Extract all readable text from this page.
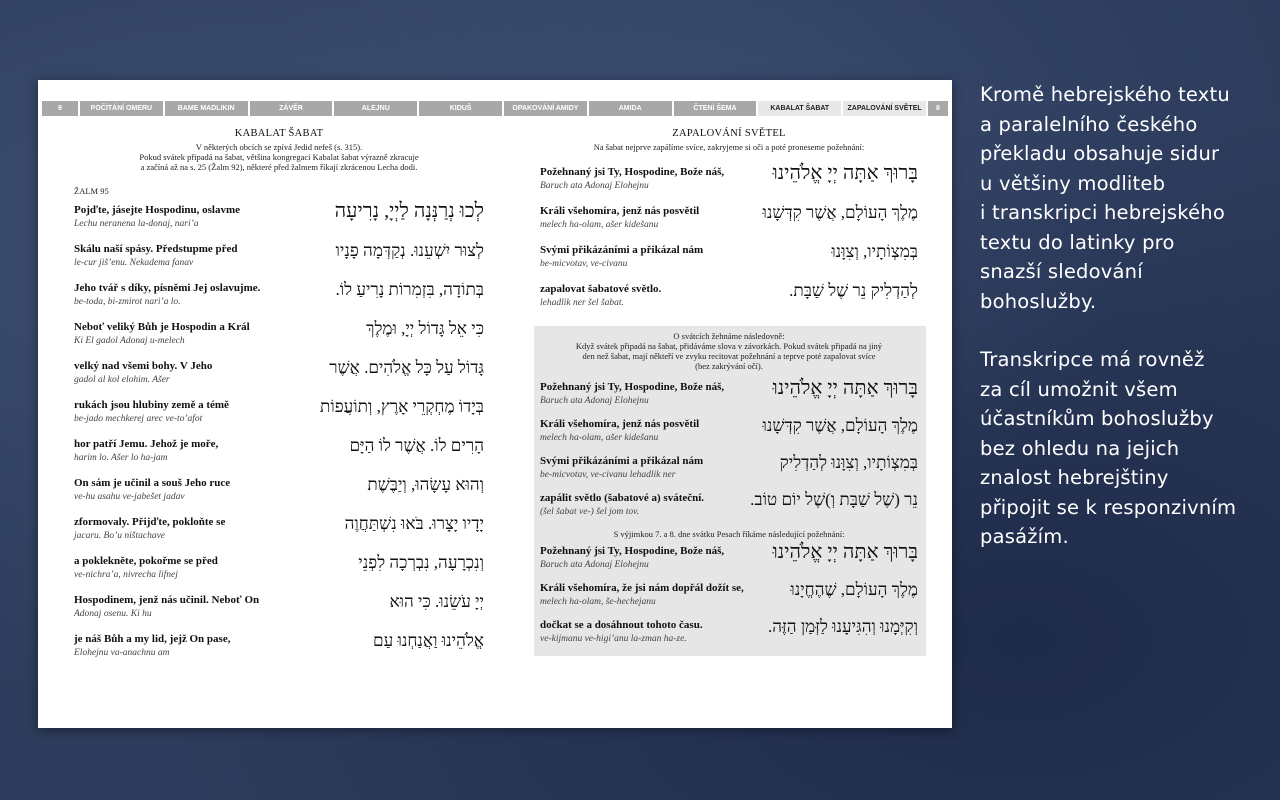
9	POČÍTÁNÍ OMERU	BAME MADLIKIN	ZÁVĚR	ALEJNU	KIDUŠ	OPAKOVÁNÍ AMIDY	AMIDA	ČTENÍ ŠEMA	KABALAT ŠABAT	ZAPALOVÁNÍ SVĚTEL	8
KABALAT ŠABAT
V některých obcích se zpívá Jedid nefeš (s. 315).
Pokud svátek připadá na šabat, většina kongregací Kabalat šabat výrazně zkracuje
a začíná až na s. 25 (Žalm 92), některé před žalmem říkají zkrácenou Lecha dodi.
ŽALM 95
Pojďte, jásejte Hospodinu, oslavme
Lechu neranena la-donaj, nari’a
לְכוּ נְרַנְּנָה לַיְיָ, נָרִיעָה
Skálu naší spásy. Předstupme před
le-cur jiš’enu. Nekadema fanav
לְצוּר יִשְׁעֵנוּ. נְקַדְּמָה פָנָיו
Jeho tvář s díky, písněmi Jej oslavujme.
be-toda, bi-zmirot nari’a lo.
בְּתוֹדָה, בִּזְמִרוֹת נָרִיעַ לוֹ.
Neboť veliký Bůh je Hospodin a Král
Ki El gadol Adonaj u-melech
כִּי אֵל גָּדוֹל יְיָ, וּמֶלֶךְ
velký nad všemi bohy. V Jeho
gadol al kol elohim. Ašer
גָּדוֹל עַל כָּל אֱלֹהִים. אֲשֶׁר
rukách jsou hlubiny země a témě
be-jado mechkerej arec ve-to’afot
בְּיָדוֹ מֶחְקְרֵי אָרֶץ, וְתוֹעֲפוֹת
hor patří Jemu. Jehož je moře,
harim lo. Ašer lo ha-jam
הָרִים לוֹ. אֲשֶׁר לוֹ הַיָּם
On sám je učinil a souš Jeho ruce
ve-hu asahu ve-jabešet jadav
וְהוּא עָשָׂהוּ, וְיַבֶּשֶׁת
zformovaly. Přijďte, pokloňte se
jacaru. Bo’u ništachave
יָדָיו יָצָרוּ. בֹּאוּ נִשְׁתַּחֲוֶה
a poklekněte, pokořme se před
ve-nichra’a, nivrecha lifnej
וְנִכְרָעָה, נִבְרְכָה לִפְנֵי
Hospodinem, jenž nás učinil. Neboť On
Adonaj osenu. Ki hu
יְיָ עֹשֵׂנוּ. כִּי הוּא
je náš Bůh a my lid, jejž On pase,
Elohejnu va-anachnu am
אֱלֹהֵינוּ וַאֲנַחְנוּ עַם
ZAPALOVÁNÍ SVĚTEL
Na šabat nejprve zapálíme svíce, zakryjeme si oči a poté proneseme požehnání:
Požehnaný jsi Ty, Hospodine, Bože náš,
Baruch ata Adonaj Elohejnu
בָּרוּךְ אַתָּה יְיָ אֱלֹהֵינוּ
Králi všehomíra, jenž nás posvětil
melech ha-olam, ašer kidešanu
מֶלֶךְ הָעוֹלָם, אֲשֶׁר קִדְּשָׁנוּ
Svými přikázáními a přikázal nám
be-micvotav, ve-civanu
בְּמִצְוֹתָיו, וְצִוָּנוּ
zapalovat šabatové světlo.
lehadlik ner šel šabat.
לְהַדְלִיק נֵר שֶׁל שַׁבָּת.
O svátcích žehnáme následovně:
Když svátek připadá na šabat, přidáváme slova v závorkách. Pokud svátek připadá na jiný
den než šabat, mají někteří ve zvyku recitovat požehnání a teprve poté zapalovat svíce
(bez zakrývání očí).
Požehnaný jsi Ty, Hospodine, Bože náš,
Baruch ata Adonaj Elohejnu
בָּרוּךְ אַתָּה יְיָ אֱלֹהֵינוּ
Králi všehomíra, jenž nás posvětil
melech ha-olam, ašer kidešanu
מֶלֶךְ הָעוֹלָם, אֲשֶׁר קִדְּשָׁנוּ
Svými přikázáními a přikázal nám
be-micvotav, ve-civanu lehadlik ner
בְּמִצְוֹתָיו, וְצִוָּנוּ לְהַדְלִיק
zapálit světlo (šabatové a) sváteční.
(šel šabat ve-) šel jom tov.
נֵר (שֶׁל שַׁבָּת וְ)שֶׁל יוֹם טוֹב.
S výjimkou 7. a 8. dne svátku Pesach říkáme následující požehnání:
Požehnaný jsi Ty, Hospodine, Bože náš,
Baruch ata Adonaj Elohejnu
בָּרוּךְ אַתָּה יְיָ אֱלֹהֵינוּ
Králi všehomíra, že jsi nám dopřál dožít se,
melech ha-olam, še-hechejanu
מֶלֶךְ הָעוֹלָם, שֶׁהֶחֱיָנוּ
dočkat se a dosáhnout tohoto času.
ve-kijmanu ve-higi’anu la-zman ha-ze.
וְקִיְּמָנוּ וְהִגִּיעָנוּ לַזְּמַן הַזֶּה.

Kromě hebrejského textu
a paralelního českého
překladu obsahuje sidur
u většiny modliteb
i transkripci hebrejského
textu do latinky pro
snazší sledování
bohoslužby.

Transkripce má rovněž
za cíl umožnit všem
účastníkům bohoslužby
bez ohledu na jejich
znalost hebrejštiny
připojit se k responzivním
pasážím.
